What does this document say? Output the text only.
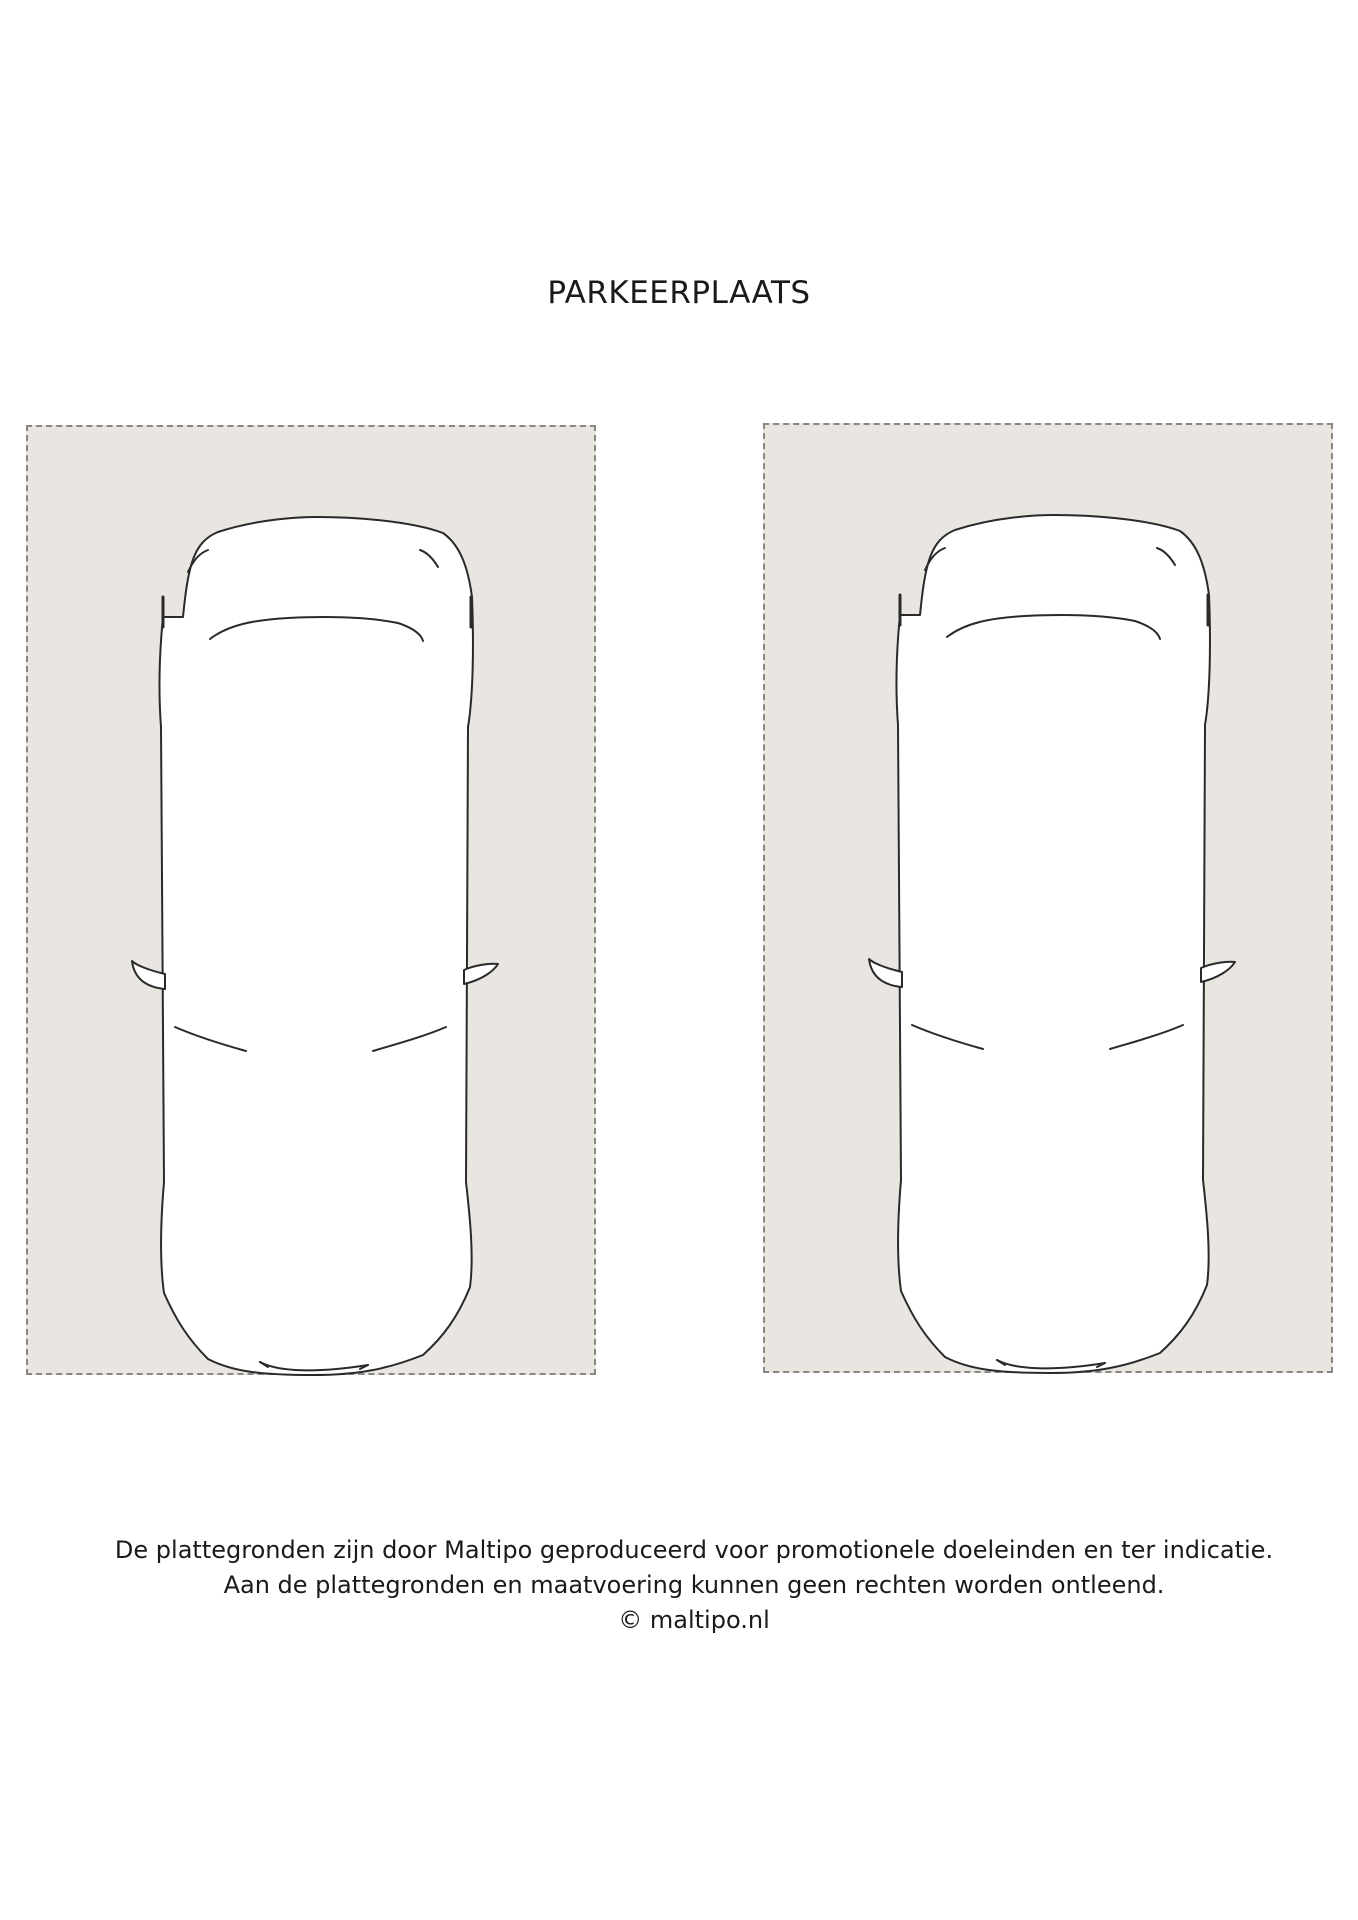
PARKEERPLAATS

De plattegronden zijn door Maltipo geproduceerd voor promotionele doeleinden en ter indicatie.

Aan de plattegronden en maatvoering kunnen geen rechten worden ontleend.

© maltipo.nl
